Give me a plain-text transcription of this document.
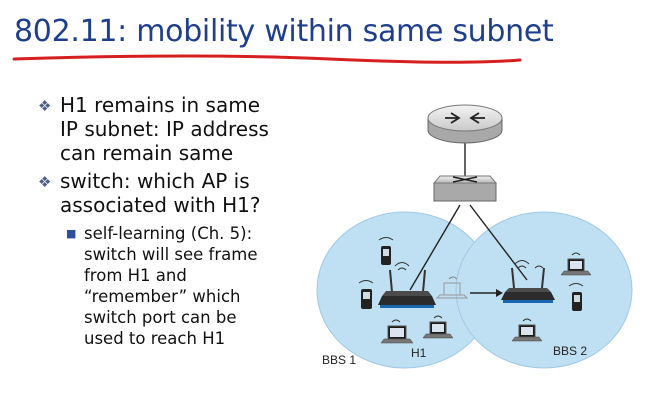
802.11: mobility within same subnet
❖ H1 remains in same
IP subnet: IP address
can remain same
❖ switch: which AP is
associated with H1?
■ self-learning (Ch. 5):
switch will see frame
from H1 and
“remember” which
switch port can be
used to reach H1
BBS 1	H1	BBS 2
